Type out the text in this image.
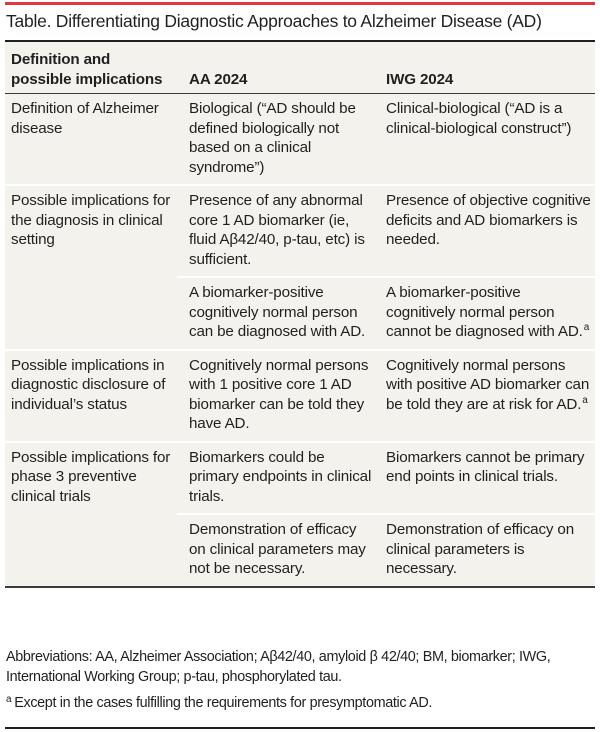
Table. Differentiating Diagnostic Approaches to Alzheimer Disease (AD)
Definition and possible implications	AA 2024	IWG 2024
Definition of Alzheimer disease	Biological (“AD should be defined biologically not based on a clinical syndrome”)	Clinical-biological (“AD is a clinical-biological construct”)
Possible implications for the diagnosis in clinical setting	Presence of any abnormal core 1 AD biomarker (ie, fluid Aβ42/40, p-tau, etc) is sufficient.	Presence of objective cognitive deficits and AD biomarkers is needed.
	A biomarker-positive cognitively normal person can be diagnosed with AD.	A biomarker-positive cognitively normal person cannot be diagnosed with AD.$^a$
Possible implications in diagnostic disclosure of individual’s status	Cognitively normal persons with 1 positive core 1 AD biomarker can be told they have AD.	Cognitively normal persons with positive AD biomarker can be told they are at risk for AD.$^a$
Possible implications for phase 3 preventive clinical trials	Biomarkers could be primary endpoints in clinical trials.	Biomarkers cannot be primary end points in clinical trials.
	Demonstration of efficacy on clinical parameters may not be necessary.	Demonstration of efficacy on clinical parameters is necessary.

Abbreviations: AA, Alzheimer Association; Aβ42/40, amyloid β 42/40; BM, biomarker; IWG, International Working Group; p-tau, phosphorylated tau.

$^a$ Except in the cases fulfilling the requirements for presymptomatic AD.
